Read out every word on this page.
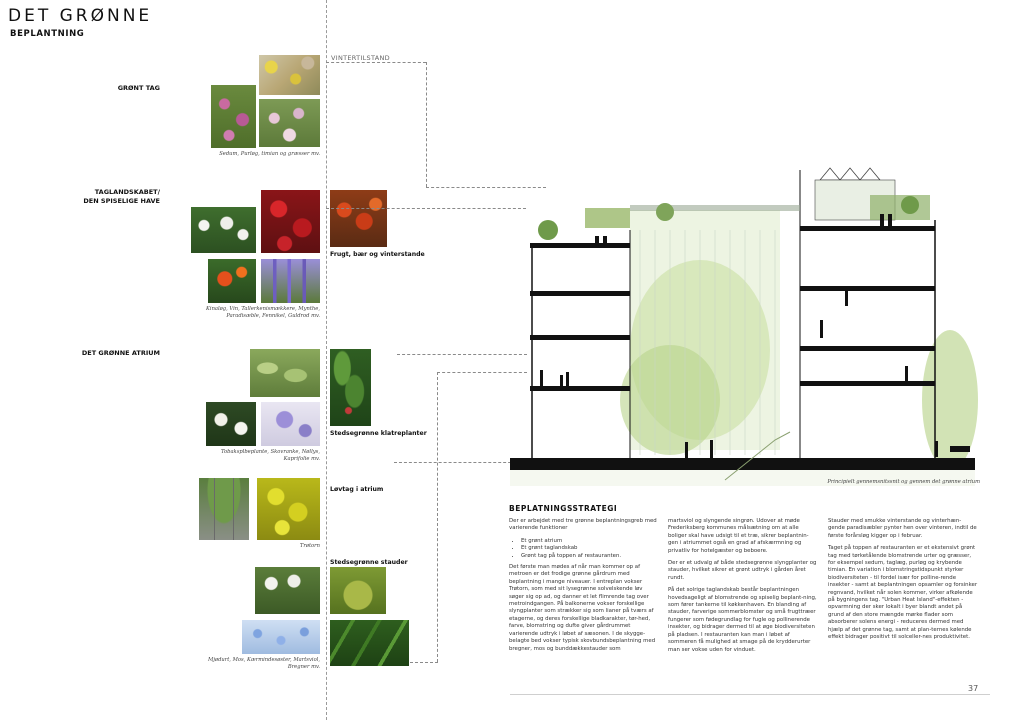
DET GRØNNE
BEPLANTNING
VINTERTILSTAND
GRØNT TAG
Sedum, Purløg, timian og græsser mv.
TAGLANDSKABET/
DEN SPISELIGE HAVE
Kinaløg, Vin, Tallerkenismækkere, Mynthe, Paradisæble, Fennikel, Guldrod mv.
Frugt, bær og vinterstande
DET GRØNNE ATRIUM
Tobaksplbeplante, Skovranke, Nøllys, Kaprifolie mv.
Stedsegrønne klatreplanter
Trøtorn
Løvtag i atrium
Stedsegrønne stauder
Mjødurt, Mos, Kærmindesøster, Martsviol, Bregner mv.
Principielt gennemsnitssnit og gennem det grønne atrium
BEPLATNINGSSTRATEGI

Der er arbejdet med tre grønne beplantningsgreb med varierende funktioner

• Et grønt atrium
• Et grønt taglandskab
• Grønt tag på toppen af restauranten.

Det første man mødes af når man kommer op af metroen er det frodige grønne gårdrum med beplantning i mange niveauer. I entreplan vokser Trøtorn, som med sit lysegrønne solvelskende løv søger sig op ad, og danner et let flimrende tag over metroindgangen. På balkonerne vokser forskellige slyngplanter som strækker sig som lianer på tværs af etagerne, og deres forskellige bladkarakter, tør-hed, farve, blomstring og dufte giver gårdrummet varierende udtryk i løbet af sæsonen. I de skygge-belagte bed vokser typisk skovbundsbeplantning med bregner, mos og bunddækkestauder som

martsviol og slyngende singrøn. Udover at møde Frederiksberg kommunes målsætning om at alle boliger skal have udsigt til et træ, sikrer beplantnin-gen i atriummet også en grad af afskærmning og privatliv for hotelgæster og beboere.

Der er et udvalg af både stedsegrønne slyngplanter og stauder, hvilket sikrer et grønt udtryk i gården året rundt.

På det solrige taglandskab består beplantningen hovedsageligt af blomstrende og spiselig beplant-ning, som fører tankerne til køkkenhaven. En blanding af stauder, farverige sommerblomster og små frugttræer fungerer som fødegrundlag for fugle og pollinerende insekter, og bidrager dermed til at øge biodiversiteten på pladsen. I restauranten kan man i løbet af sommeren få mulighed at smage på de krydderurter man ser vokse uden for vinduet.

Stauder med smukke vinterstande og vinterhæn-gende paradisæbler pynter hen over vinteren, indtil de første forårsløg kigger op i februar.

Taget på toppen af restauranten er et ekstensivt grønt tag med tørketålende blomstrende urter og græsser, for eksempel sedum, taglæg, purløg og krybende timian. En variation i blomstringstidspunkt styrker biodiversiteten - til fordel især for polline-rende insekter - samt at beplantningen opsamler og forsinker regnvand, hvilket når solen kommer, virker afkølende på bygningens tag. "Urban Heat Island"-effekten - opvarmning der sker lokalt i byer blandt andet på grund af den store mængde mørke flader som absorberer solens energi - reduceres dermed med hjælp af det grønne tag, samt at plan-ternes kølende effekt bidrager positivt til solceller-nes produktivitet.

37
